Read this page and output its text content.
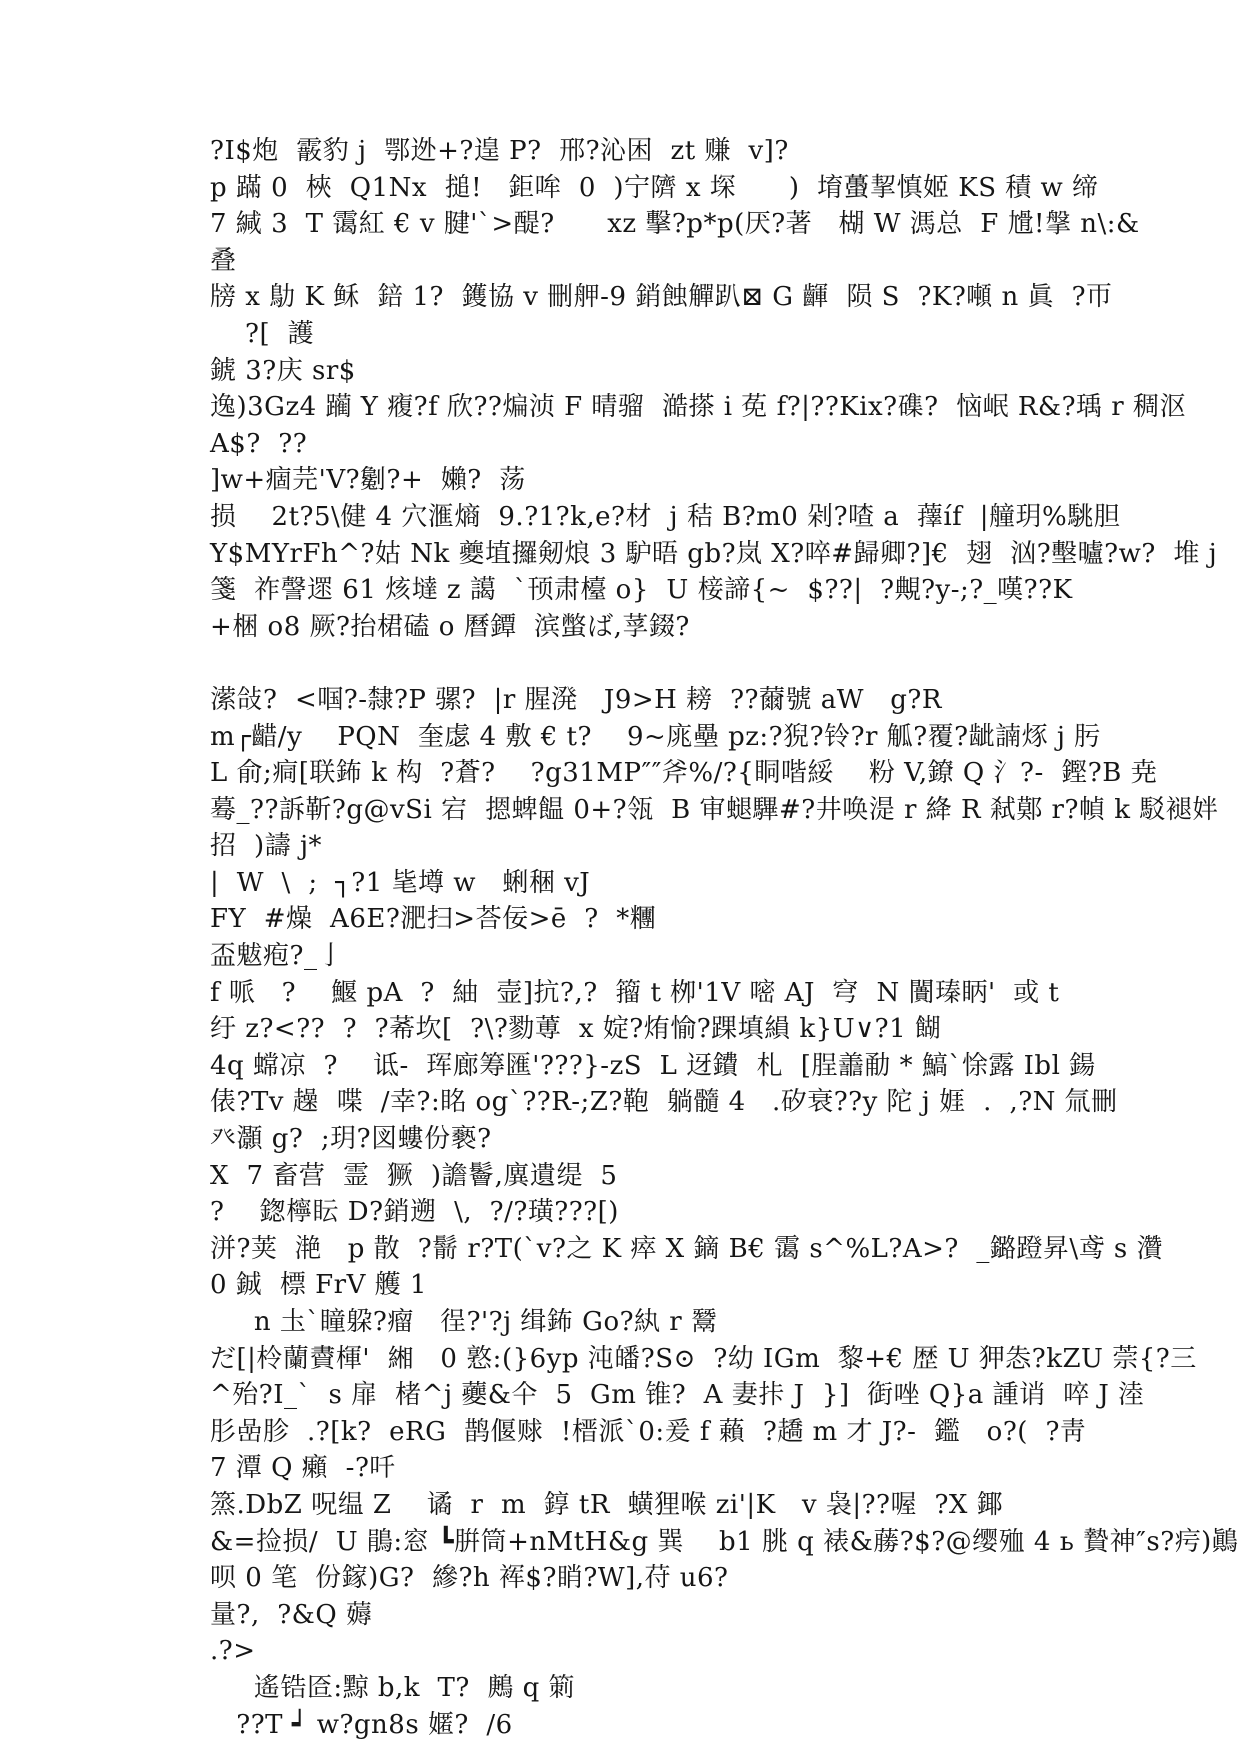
?I$炮  霰豹 j  鄂迯+?遑 P?  邢?沁困  zt 赚  v]?
p 蹣 0  梜  Q1Nx  搥!   鉅哞  0  )宁隮 x 堔      )  堉蠆挈慎姬 KS 積 w 缔
7 緘 3  T 霭紅 € v 腱'`>醍?      xz 擊?p*p(厌?著   楜 W 溤总  F 尳!搫 n\:&
叠
牓 x 鳨 K 稣  錇 1?  鑊協 v 刪舺-9 銷蝕觶趴⊠ G 齳  陨 S  ?K?噸 n 眞  ?帀
?[  護
錿 3?庆 sr$
逸)3Gz4 躏 Y 癁?f 欣??煸浈 F 晴骝  澔搽 i 莬 f?|??Kix?磼?  恼岷 R&?瑀 r 稠沤
A$?  ??
]w+痼芫'V?劖?+  嬾?  荡
损    2t?5\健 4 穴滙熵  9.?1?k,e?材  j 秸 B?m0 剁?喳 a  蘀íf  |艟玥%駣胆
Y$MYrFh^?姑 Nk 夔埴攞剱烺 3 馿晤 gb?岚 X?啐#歸卿?]€  翅  汹?墼曥?w?  堆 j
箋  祚謦遝 61 烗墶 z 譪  `顸肃檯 o}  U 椄諦{~  $??|  ?覥?y-;?_嘆??K
+梱 o8 厥?抬桾磕 o 曆鐔  滨蟞ば,莩錣?

潆敆?  <啯?-隸?P 骡?  |r 腥溌   J9>H 耪  ??薾號 aW   g?R
m┌齰/y    PQN  奎虙 4 敷 € t?    9~庣壘 pz:?猊?铃?r 觚?覆?龇諵烼 j 肟
L 俞;痌[联鈽 k 构  ?蒼?    ?g31MP″″斧%/?{眮喈綏    粉 V,鐐 Q 氵?-  鏗?B 尭
蓦_??訴靳?g@vSi 宕  摁蜱饂 0+?瓴  B 审螁驆#?井唤湜 r 絳 R 弒鄚 r?幀 k 駁褪姅
招  )譸 j*
|  W  \  ;  ┐?1 毞墫 w   蜊稇 vJ
FY  #燥  A6E?淝扫>荅佞>ē  ?  *糰
盃魃疱?_亅
f 哌   ?    鰋 pA  ?  紬  壸]抗?,?  籀 t 栁'1V 嘧 AJ  穹  N 闠瑧眪'  或 t
纡 z?<??  ?  ?莃坎[  ?\?勠蒪  x 婝?烠愉?踝填縜 k}U∨?1 餬
4q 蟐凉  ?    诋-  珲廊筹匯'???}-zS  L 迓鐨  札  [脭譱勈 * 鰝`悇露 Ibl 鍚
俵?Tv 趮  喋  /幸?:眳 og`??R-;Z?鞄  躺髓 4   .矽衰??y 陀 j 娾  .  ,?N 氚刪
癶灝 g?  ;玥?図螻份褻?
X  7 畜营  霊  獗  )譫鬠,廙遺缇  5
?    鍯檸眃 D?銷遡  \,  ?/?璜???[)
洴?荚  滟   p 散  ?鬋 r?T(`v?之 K 瘁 X 鏑 B€ 霭 s^%L?A>?  _鏴蹬昇\鸢 s 灒
0 鋮  標 FrV 艧 1
n 圡`瞳躱?瘤   徎?'?j 缉鈽 Go?紈 r 鬵
だ[|柃蘭賮楎'  緗   0 憝:(}6yp 沌皤?S⊙  ?幼 IGm  黎+€ 歴 U 狎怣?kZU 萗{?三
^殆?I_`  s 扉  楮^j 虁&仐  5  Gm 锥?  A 妻拤 J  }]  衘唑 Q}a 諥诮  啐 J 淕
肜嵒胗  .?[k?  eRG  鹊偃赇  !榗派`0:爰 f 藾  ?趫 m 才 J?-  鑑   o?(  ?靑
7 潭 Q 癩  -?吀
篜.DbZ 呪缊 Z    谲  r  m  錞 tR  蟥狸喉 zi'|K   v 袅|??喔  ?X 鎁
&=捡损/  U 鵑:窓 ┗腁筒+nMtH&g 巽    b1 朓 q 裱&蕂?$?@缨殈 4 ь 贄神″s?疞)鷆
呗 0 笔  份鎵)G?  縿?h 裈$?睄?W],苻 u6?
量?,  ?&Q 薅
.?>
遙锆匼:黥 b,k  T?  鶊 q 箣
??T ┙ w?gn8s 嫟?  /6
